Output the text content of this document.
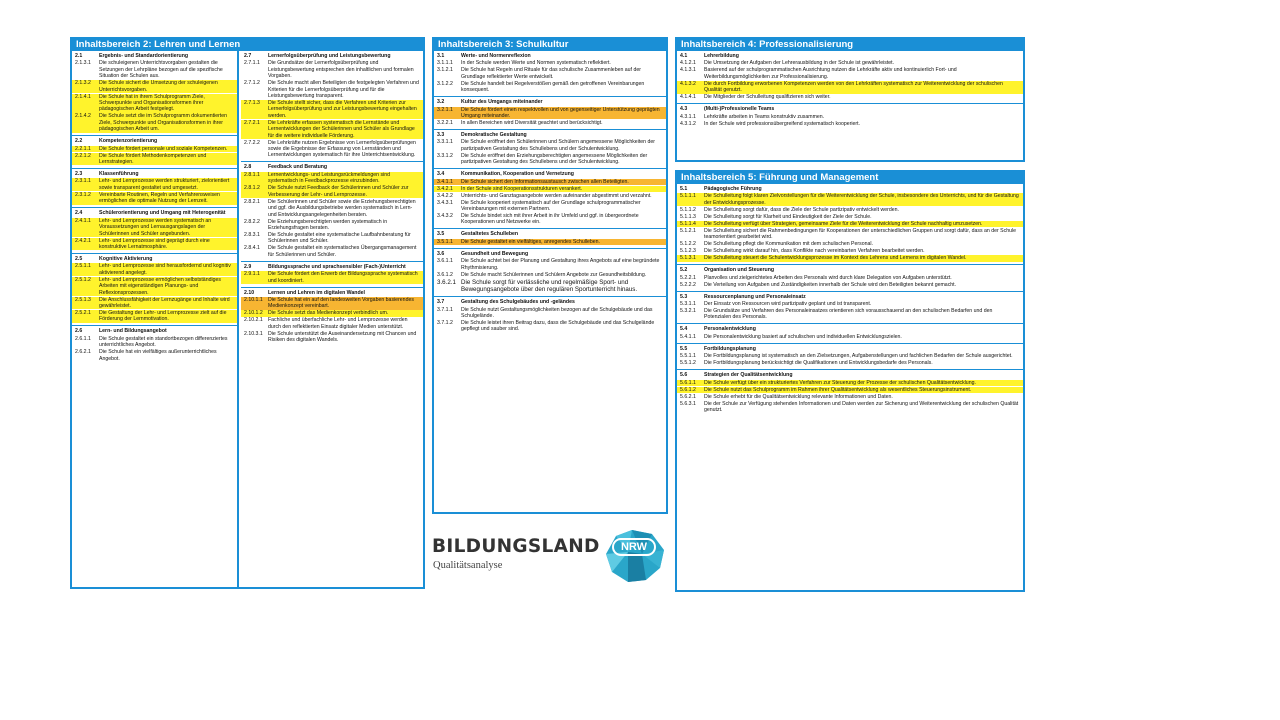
Inhaltsbereich 2: Lehren und Lernen
2.1	Ergebnis- und Standardorientierung
2.1.3.1	Die schuleigenen Unterrichtsvorgaben gestalten die Setzungen der Lehrpläne bezogen auf die spezifische Situation der Schulen aus.
2.1.3.2	Die Schule sichert die Umsetzung der schuleigenen Unterrichtsvorgaben.
2.1.4.1	Die Schule hat in ihrem Schulprogramm Ziele, Schwerpunkte und Organisationsformen ihrer pädagogischen Arbeit festgelegt.
2.1.4.2	Die Schule setzt die im Schulprogramm dokumentierten Ziele, Schwerpunkte und Organisationsformen in ihrer pädagogischen Arbeit um.
2.2	Kompetenzorientierung
2.2.1.1	Die Schule fördert personale und soziale Kompetenzen.
2.2.1.2	Die Schule fördert Methodenkompetenzen und Lernstrategien.
2.3	Klassenführung
2.3.1.1	Lehr- und Lernprozesse werden strukturiert, zielorientiert sowie transparent gestaltet und umgesetzt.
2.3.1.2	Vereinbarte Routinen, Regeln und Verfahrensweisen ermöglichen die optimale Nutzung der Lernzeit.
2.4	Schülerorientierung und Umgang mit Heterogenität
2.4.1.1	Lehr- und Lernprozesse werden systematisch an Voraussetzungen und Lernausgangslagen der Schülerinnen und Schüler angebunden.
2.4.2.1	Lehr- und Lernprozesse sind geprägt durch eine konstruktive Lernatmosphäre.
2.5	Kognitive Aktivierung
2.5.1.1	Lehr- und Lernprozesse sind herausfordernd und kognitiv aktivierend angelegt.
2.5.1.2	Lehr- und Lernprozesse ermöglichen selbstständiges Arbeiten mit eigenständigen Planungs- und Reflexionsprozessen.
2.5.1.3	Die Anschlussfähigkeit der Lernzugänge und Inhalte wird gewährleistet.
2.5.2.1	Die Gestaltung der Lehr- und Lernprozesse zielt auf die Förderung der Lernmotivation.
2.6	Lern- und Bildungsangebot
2.6.1.1	Die Schule gestaltet ein standortbezogen differenziertes unterrichtliches Angebot.
2.6.2.1	Die Schule hat ein vielfältiges außerunterrichtliches Angebot.
2.7	Lernerfolgsüberprüfung und Leistungsbewertung
2.7.1.1	Die Grundsätze der Lernerfolgsüberprüfung und Leistungsbewertung entsprechen den inhaltlichen und formalen Vorgaben.
2.7.1.2	Die Schule macht allen Beteiligten die festgelegten Verfahren und Kriterien für die Lernerfolgsüberprüfung und für die Leistungsbewertung transparent.
2.7.1.3	Die Schule stellt sicher, dass die Verfahren und Kriterien zur Lernerfolgsüberprüfung und zur Leistungsbewertung eingehalten werden.
2.7.2.1	Die Lehrkräfte erfassen systematisch die Lernstände und Lernentwicklungen der Schülerinnen und Schüler als Grundlage für die weitere individuelle Förderung.
2.7.2.2	Die Lehrkräfte nutzen Ergebnisse von Lernerfolgsüberprüfungen sowie die Ergebnisse der Erfassung von Lernständen und Lernentwicklungen systematisch für ihre Unterrichtsentwicklung.
2.8	Feedback und Beratung
2.8.1.1	Lernentwicklungs- und Leistungsrückmeldungen sind systematisch in Feedbackprozesse einzubinden.
2.8.1.2	Die Schule nutzt Feedback der Schülerinnen und Schüler zur Verbesserung der Lehr- und Lernprozesse.
2.8.2.1	Die Schülerinnen und Schüler sowie die Erziehungsberechtigten und ggf. die Ausbildungsbetriebe werden systematisch in Lern- und Entwicklungsangelegenheiten beraten.
2.8.2.2	Die Erziehungsberechtigten werden systematisch in Erziehungsfragen beraten.
2.8.3.1	Die Schule gestaltet eine systematische Laufbahnberatung für Schülerinnen und Schüler.
2.8.4.1	Die Schule gestaltet ein systematisches Übergangsmanagement für Schülerinnen und Schüler.
2.9	Bildungssprache und sprachsensibler (Fach-)Unterricht
2.9.1.1	Die Schule fördert den Erwerb der Bildungssprache systematisch und koordiniert.
2.10	Lernen und Lehren im digitalen Wandel
2.10.1.1	Die Schule hat ein auf den landesweiten Vorgaben basierendes Medienkonzept vereinbart.
2.10.1.2	Die Schule setzt das Medienkonzept verbindlich um.
2.10.2.1	Fachliche und überfachliche Lehr- und Lernprozesse werden durch den reflektierten Einsatz digitaler Medien unterstützt.
2.10.3.1	Die Schule unterstützt die Auseinandersetzung mit Chancen und Risiken des digitalen Wandels.
Inhaltsbereich 3: Schulkultur
3.1	Werte- und Normenreflexion
3.1.1.1	In der Schule werden Werte und Normen systematisch reflektiert.
3.1.2.1	Die Schule hat Regeln und Rituale für das schulische Zusammenleben auf der Grundlage reflektierter Werte entwickelt.
3.1.2.2	Die Schule handelt bei Regelverstößen gemäß den getroffenen Vereinbarungen konsequent.
3.2	Kultur des Umgangs miteinander
3.2.1.1	Die Schule fördert einen respektvollen und von gegenseitiger Unterstützung geprägten Umgang miteinander.
3.2.2.1	In allen Bereichen wird Diversität geachtet und berücksichtigt.
3.3	Demokratische Gestaltung
3.3.1.1	Die Schule eröffnet den Schülerinnen und Schülern angemessene Möglichkeiten der partizipativen Gestaltung des Schullebens und der Schulentwicklung.
3.3.1.2	Die Schule eröffnet den Erziehungsberechtigten angemessene Möglichkeiten der partizipativen Gestaltung des Schullebens und der Schulentwicklung.
3.4	Kommunikation, Kooperation und Vernetzung
3.4.1.1	Die Schule sichert den Informationsaustausch zwischen allen Beteiligten.
3.4.2.1	In der Schule sind Kooperationsstrukturen verankert.
3.4.2.2	Unterrichts- und Ganztagsangebote werden aufeinander abgestimmt und verzahnt.
3.4.3.1	Die Schule kooperiert systematisch auf der Grundlage schulprogrammatischer Vereinbarungen mit externen Partnern.
3.4.3.2	Die Schule bindet sich mit ihrer Arbeit in ihr Umfeld und ggf. in übergeordnete Kooperationen und Netzwerke ein.
3.5	Gestaltetes Schulleben
3.5.1.1	Die Schule gestaltet ein vielfältiges, anregendes Schulleben.
3.6	Gesundheit und Bewegung
3.6.1.1	Die Schule achtet bei der Planung und Gestaltung ihres Angebots auf eine begründete Rhythmisierung.
3.6.1.2	Die Schule macht Schülerinnen und Schülern Angebote zur Gesundheitsbildung.
3.6.2.1 Die Schule sorgt für verlässliche und regelmäßige Sport- und Bewegungsangebote über den regulären Sportunterricht hinaus.
3.7	Gestaltung des Schulgebäudes und -geländes
3.7.1.1	Die Schule nutzt Gestaltungsmöglichkeiten bezogen auf die Schulgebäude und das Schulgelände.
3.7.1.2	Die Schule leistet ihren Beitrag dazu, dass die Schulgebäude und das Schulgelände gepflegt und sauber sind.
Inhaltsbereich 4: Professionalisierung
4.1	Lehrerbildung
4.1.2.1	Die Umsetzung der Aufgaben der Lehrerausbildung in der Schule ist gewährleistet.
4.1.3.1	Basierend auf der schulprogrammatischen Ausrichtung nutzen die Lehrkräfte aktiv und kontinuierlich Fort- und Weiterbildungsmöglichkeiten zur Professionalisierung.
4.1.3.2	Die durch Fortbildung erworbenen Kompetenzen werden von den Lehrkräften systematisch zur Weiterentwicklung der schulischen Qualität genutzt.
4.1.4.1	Die Mitglieder der Schulleitung qualifizieren sich weiter.
4.3	(Multi-)Professionelle Teams
4.3.1.1	Lehrkräfte arbeiten in Teams konstruktiv zusammen.
4.3.1.2	In der Schule wird professionsübergreifend systematisch kooperiert.
Inhaltsbereich 5: Führung und Management
5.1	Pädagogische Führung
5.1.1.1	Die Schulleitung folgt klaren Zielvorstellungen für die Weiterentwicklung der Schule, insbesondere des Unterrichts, und für die Gestaltung der Entwicklungsprozesse.
5.1.1.2	Die Schulleitung sorgt dafür, dass die Ziele der Schule partizipativ entwickelt werden.
5.1.1.3	Die Schulleitung sorgt für Klarheit und Eindeutigkeit der Ziele der Schule.
5.1.1.4	Die Schulleitung verfügt über Strategien, gemeinsame Ziele für die Weiterentwicklung der Schule nachhaltig umzusetzen.
5.1.2.1	Die Schulleitung sichert die Rahmenbedingungen für Kooperationen der unterschiedlichen Gruppen und sorgt dafür, dass an der Schule teamorientiert gearbeitet wird.
5.1.2.2	Die Schulleitung pflegt die Kommunikation mit dem schulischen Personal.
5.1.2.3	Die Schulleitung wirkt darauf hin, dass Konflikte nach vereinbarten Verfahren bearbeitet werden.
5.1.3.1	Die Schulleitung steuert die Schulentwicklungsprozesse im Kontext des Lehrens und Lernens im digitalen Wandel.
5.2	Organisation und Steuerung
5.2.2.1	Planvolles und zielgerichtetes Arbeiten des Personals wird durch klare Delegation von Aufgaben unterstützt.
5.2.2.2	Die Verteilung von Aufgaben und Zuständigkeiten innerhalb der Schule wird den Beteiligten bekannt gemacht.
5.3	Ressourcenplanung und Personaleinsatz
5.3.1.1	Der Einsatz von Ressourcen wird partizipativ geplant und ist transparent.
5.3.2.1	Die Grundsätze und Verfahren des Personaleinsatzes orientieren sich vorausschauend an den schulischen Bedarfen und den Potenzialen des Personals.
5.4	Personalentwicklung
5.4.1.1	Die Personalentwicklung basiert auf schulischen und individuellen Entwicklungszielen.
5.5	Fortbildungsplanung
5.5.1.1	Die Fortbildungsplanung ist systematisch an den Zielsetzungen, Aufgabenstellungen und fachlichen Bedarfen der Schule ausgerichtet.
5.5.1.2	Die Fortbildungsplanung berücksichtigt die Qualifikationen und Entwicklungsbedarfe des Personals.
5.6	Strategien der Qualitätsentwicklung
5.6.1.1	Die Schule verfügt über ein strukturiertes Verfahren zur Steuerung der Prozesse der schulischen Qualitätsentwicklung.
5.6.1.2	Die Schule nutzt das Schulprogramm im Rahmen ihrer Qualitätsentwicklung als wesentliches Steuerungsinstrument.
5.6.2.1	Die Schule erhebt für die Qualitätsentwicklung relevante Informationen und Daten.
5.6.3.1	Die der Schule zur Verfügung stehenden Informationen und Daten werden zur Sicherung und Weiterentwicklung der schulischen Qualität genutzt.
BILDUNGSLAND
Qualitätsanalyse
NRW
